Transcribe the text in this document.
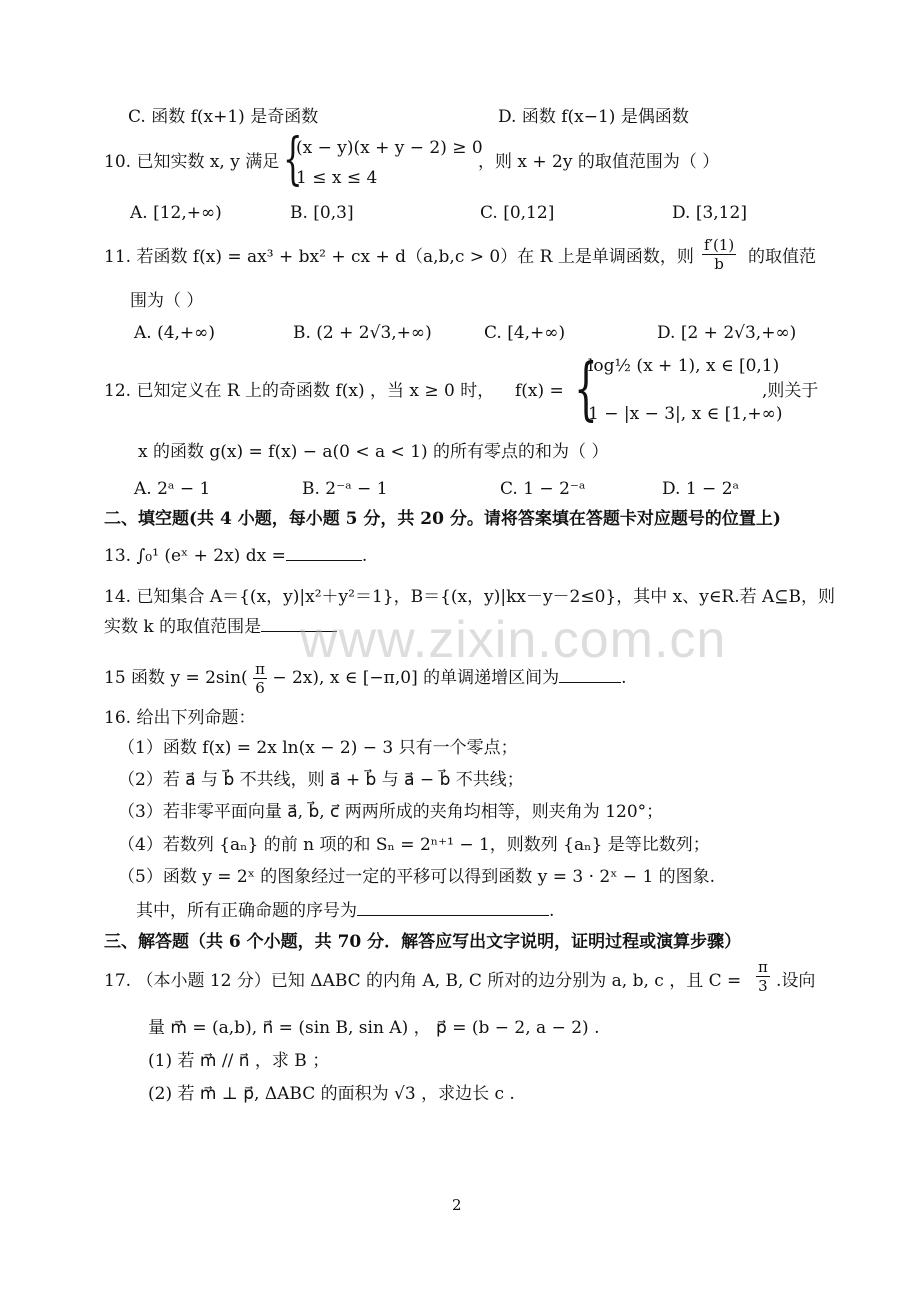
C. 函数 f(x+1) 是奇函数	D. 函数 f(x−1) 是偶函数
10. 已知实数 x, y 满足 {
(x − y)(x + y − 2) ≥ 0
1 ≤ x ≤ 4
，则 x + 2y 的取值范围为（ ）
A. [12,+∞)	B. [0,3]	C. [0,12]	D. [3,12]
11. 若函数 f(x) = ax³ + bx² + cx + d（a,b,c > 0）在 R 上是单调函数，则 $\frac{f'(1)}{b}$ 的取值范
围为（ ）
A. (4,+∞)	B. (2 + 2√3,+∞)	C. [4,+∞)	D. [2 + 2√3,+∞)
12. 已知定义在 R 上的奇函数 f(x) ，当 x ≥ 0 时， f(x) = {
log½ (x + 1), x ∈ [0,1)
1 − |x − 3|, x ∈ [1,+∞)
,则关于
x 的函数 g(x) = f(x) − a(0 < a < 1) 的所有零点的和为（ ）
A. 2ᵃ − 1	B. 2⁻ᵃ − 1	C. 1 − 2⁻ᵃ	D. 1 − 2ᵃ
二、填空题(共 4 小题，每小题 5 分，共 20 分。请将答案填在答题卡对应题号的位置上)
13. ∫₀¹ (eˣ + 2x) dx =	.
14. 已知集合 A＝{(x，y)|x²＋y²＝1}，B＝{(x，y)|kx－y－2≤0}，其中 x、y∈R.若 A⊆B，则
实数 k 的取值范围是
15 函数 $y = 2\sin( \frac{\pi}{6} - 2x)$, x ∈ [−π,0] 的单调递增区间为	.
16. 给出下列命题：
（1）函数 f(x) = 2x ln(x − 2) − 3 只有一个零点；
（2）若 a⃗ 与 b⃗ 不共线，则 a⃗ + b⃗ 与 a⃗ − b⃗ 不共线；
（3）若非零平面向量 a⃗, b⃗, c⃗ 两两所成的夹角均相等，则夹角为 120°；
（4）若数列 {aₙ} 的前 n 项的和 Sₙ = 2ⁿ⁺¹ − 1，则数列 {aₙ} 是等比数列；
（5）函数 y = 2ˣ 的图象经过一定的平移可以得到函数 y = 3 · 2ˣ − 1 的图象.
其中，所有正确命题的序号为	.
三、解答题（共 6 个小题，共 70 分．解答应写出文字说明，证明过程或演算步骤）
17. （本小题 12 分）已知 ΔABC 的内角 A, B, C 所对的边分别为 a, b, c ，且 $C = \frac{\pi}{3}$ .设向
量 m⃗ = (a,b), n⃗ = (sin B, sin A) ， p⃗ = (b − 2, a − 2) .
(1) 若 m⃗ // n⃗ ，求 B ；
(2) 若 m⃗ ⊥ p⃗, ΔABC 的面积为 √3 ，求边长 c .
www.zixin.com.cn
2
